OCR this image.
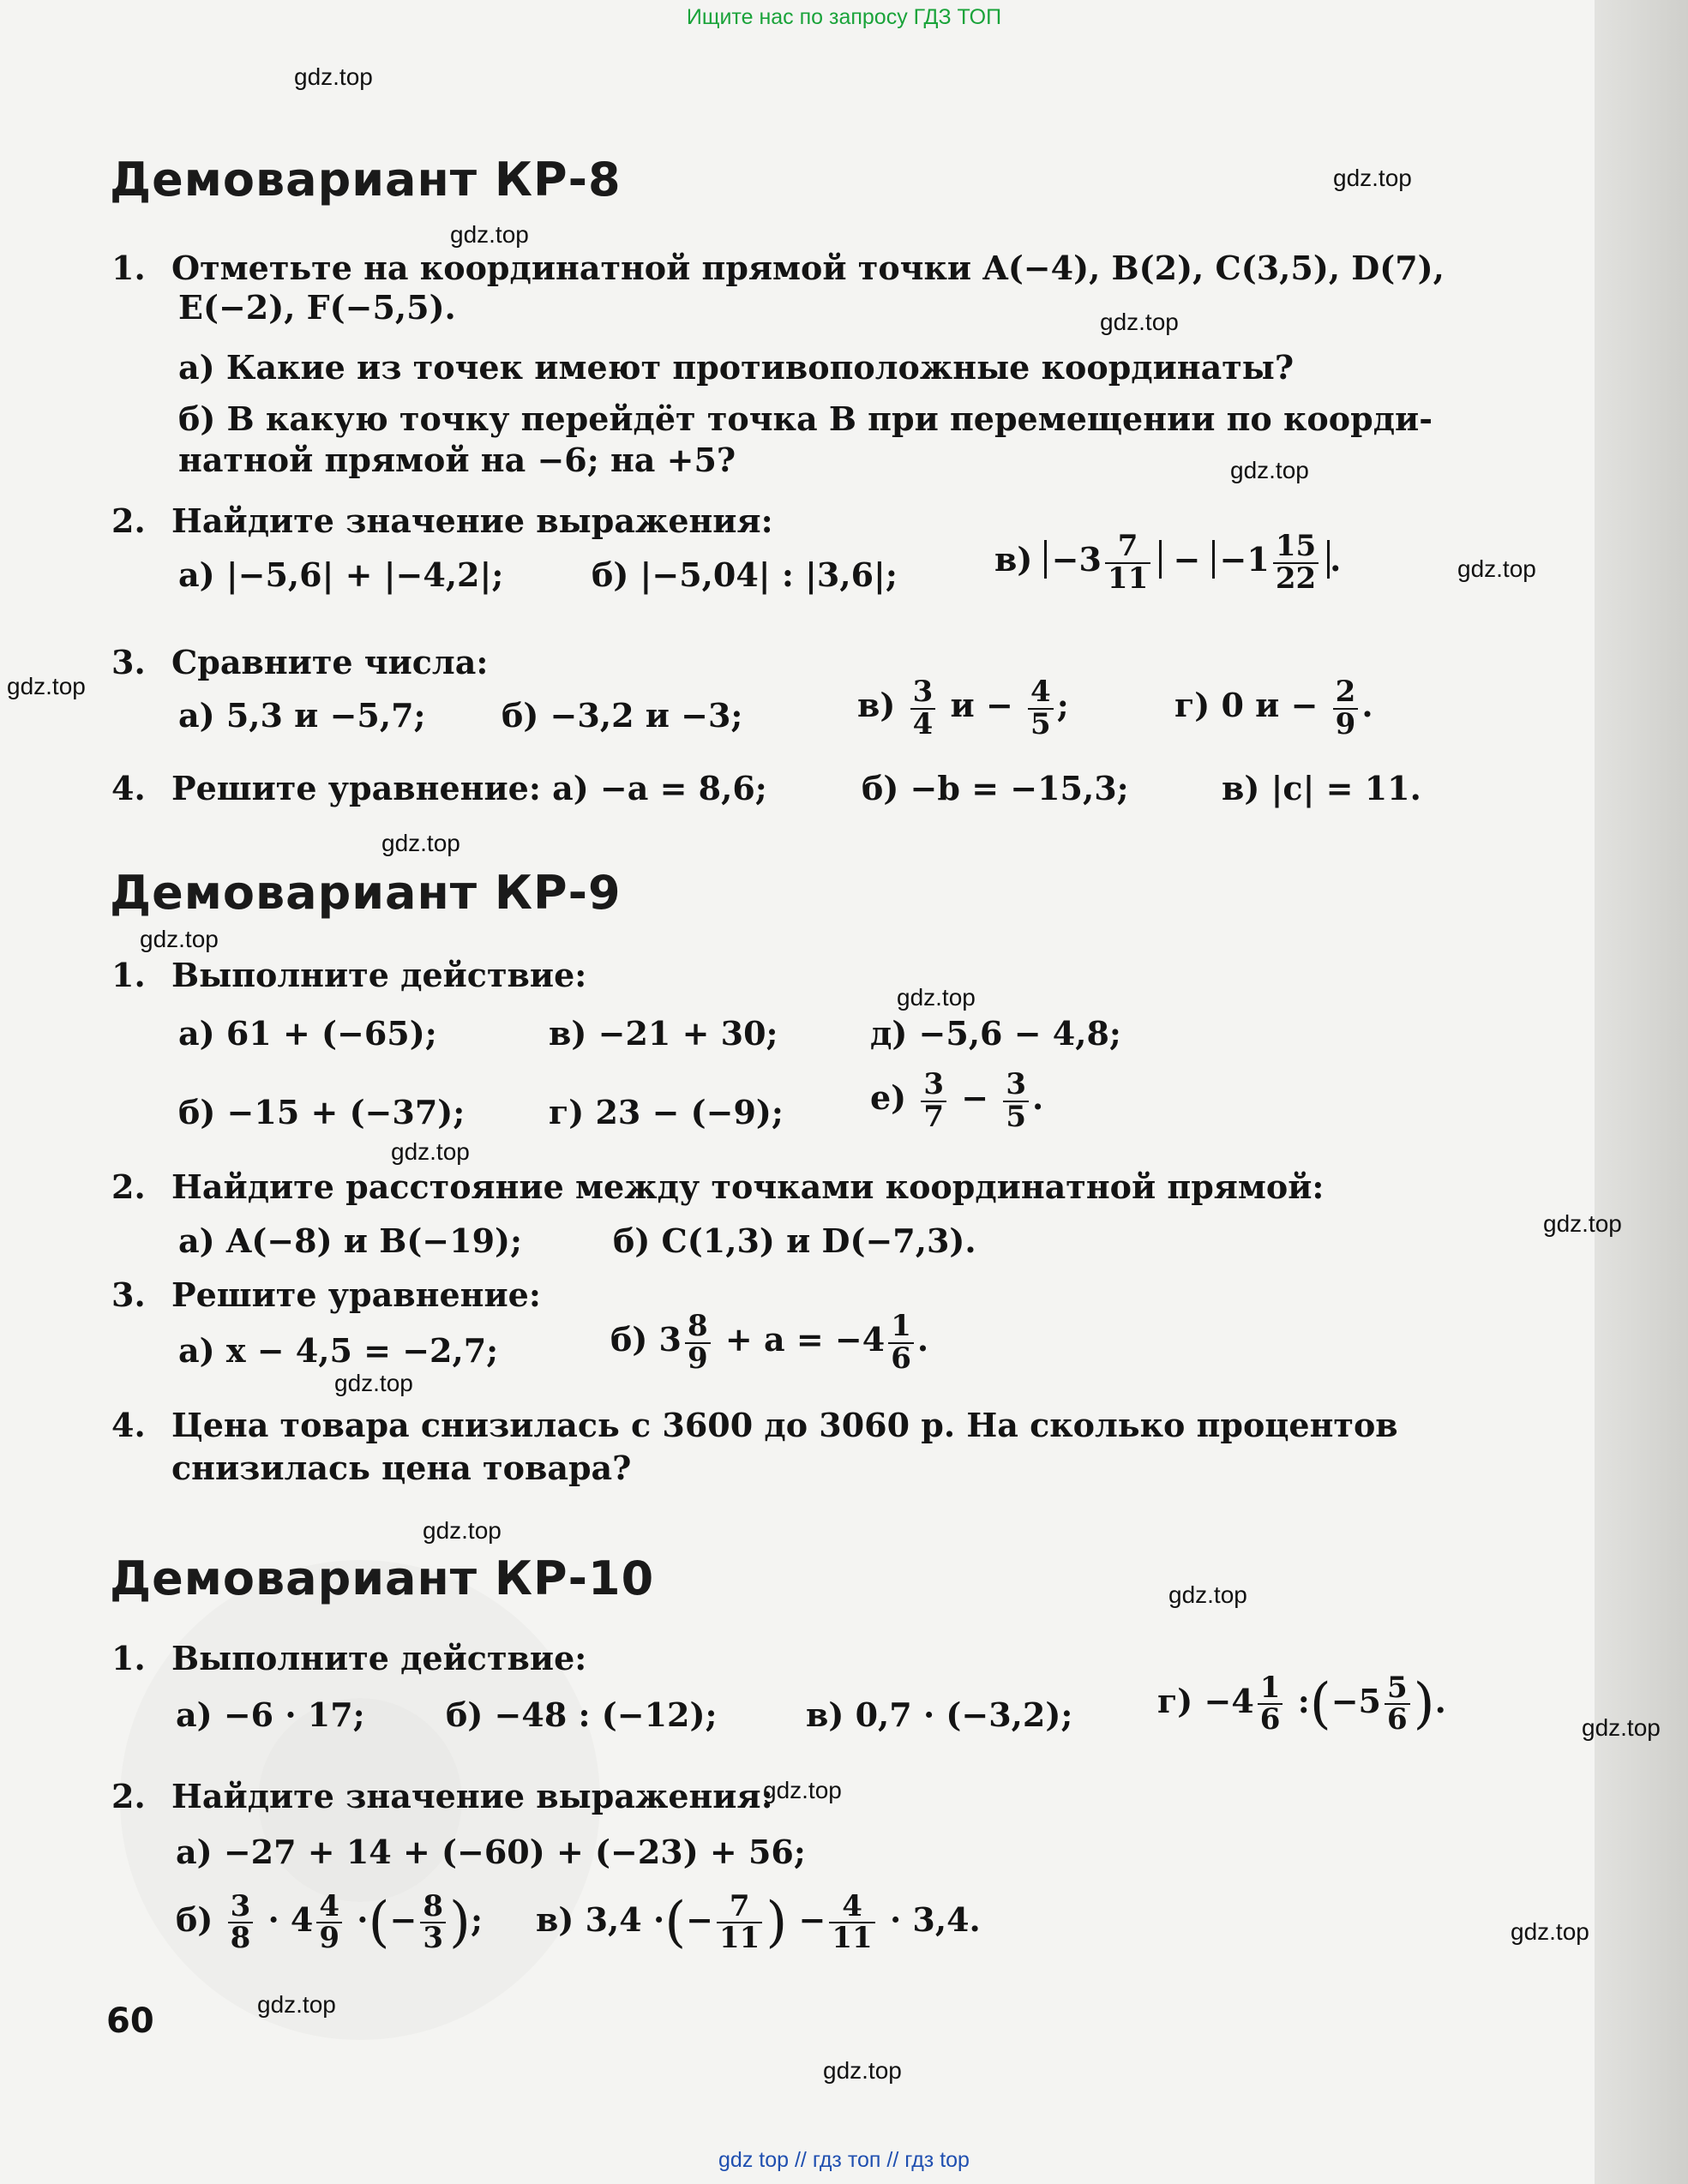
Ищите нас по запросу ГДЗ ТОП
gdz.top
gdz.top
gdz.top
gdz.top
gdz.top
gdz.top
gdz.top
gdz.top
gdz.top
gdz.top
gdz.top
gdz.top
gdz.top
gdz.top
gdz.top
gdz.top
gdz.top
gdz.top
gdz.top
gdz.top
Демовариант КР-8
1. Отметьте на координатной прямой точки A(−4), B(2), C(3,5), D(7),
E(−2), F(−5,5).
а) Какие из точек имеют противоположные координаты?
б) В какую точку перейдёт точка B при перемещении по коорди-
натной прямой на −6; на +5?
2. Найдите значение выражения:
а) |−5,6| + |−4,2|;	б) |−5,04| : |3,6|;	$в) -3 \frac{7}{11} - -1 \frac{15}{22}$ .
3. Сравните числа:
а) 5,3 и −5,7; б) −3,2 и −3;	$в) \frac{3}{4}$ $и - \frac{4}{5}$ ;	г) 0 $и - \frac{2}{9}$ .
4. Решите уравнение: а) −a = 8,6;	б) −b = −15,3;	в) |c| = 11.
Демовариант КР-9
1. Выполните действие:
а) 61 + (−65);	в) −21 + 30;	д) −5,6 − 4,8;
б) −15 + (−37);	г) 23 − (−9);	$е) \frac{3}{7} - \frac{3}{5}$ .
2. Найдите расстояние между точками координатной прямой:
а) A(−8) и B(−19);	б) C(1,3) и D(−7,3).
3. Решите уравнение:
а) x − 4,5 = −2,7;	б) $3 \frac{8}{9} + a = -4 \frac{1}{6}$ .
4. Цена товара снизилась с 3600 до 3060 р. На сколько процентов
снизилась цена товара?
Демовариант КР-10
1. Выполните действие:
а) −6 · 17; б) −48 : (−12);	в) 0,7 · (−3,2);	$г) -4 \frac{1}{6}$ :(−5 $\frac{5}{6}$ ).
2. Найдите значение выражения:
а) −27 + 14 + (−60) + (−23) + 56;
$б) \frac{3}{8} \cdot 4 \frac{4}{9}$ ·(− $\frac{8}{3}$ ); в) 3,4 ·(− $\frac{7}{11}$ ) − $\frac{4}{11} \cdot 3,4$.
60
gdz top // гдз топ // гдз top
